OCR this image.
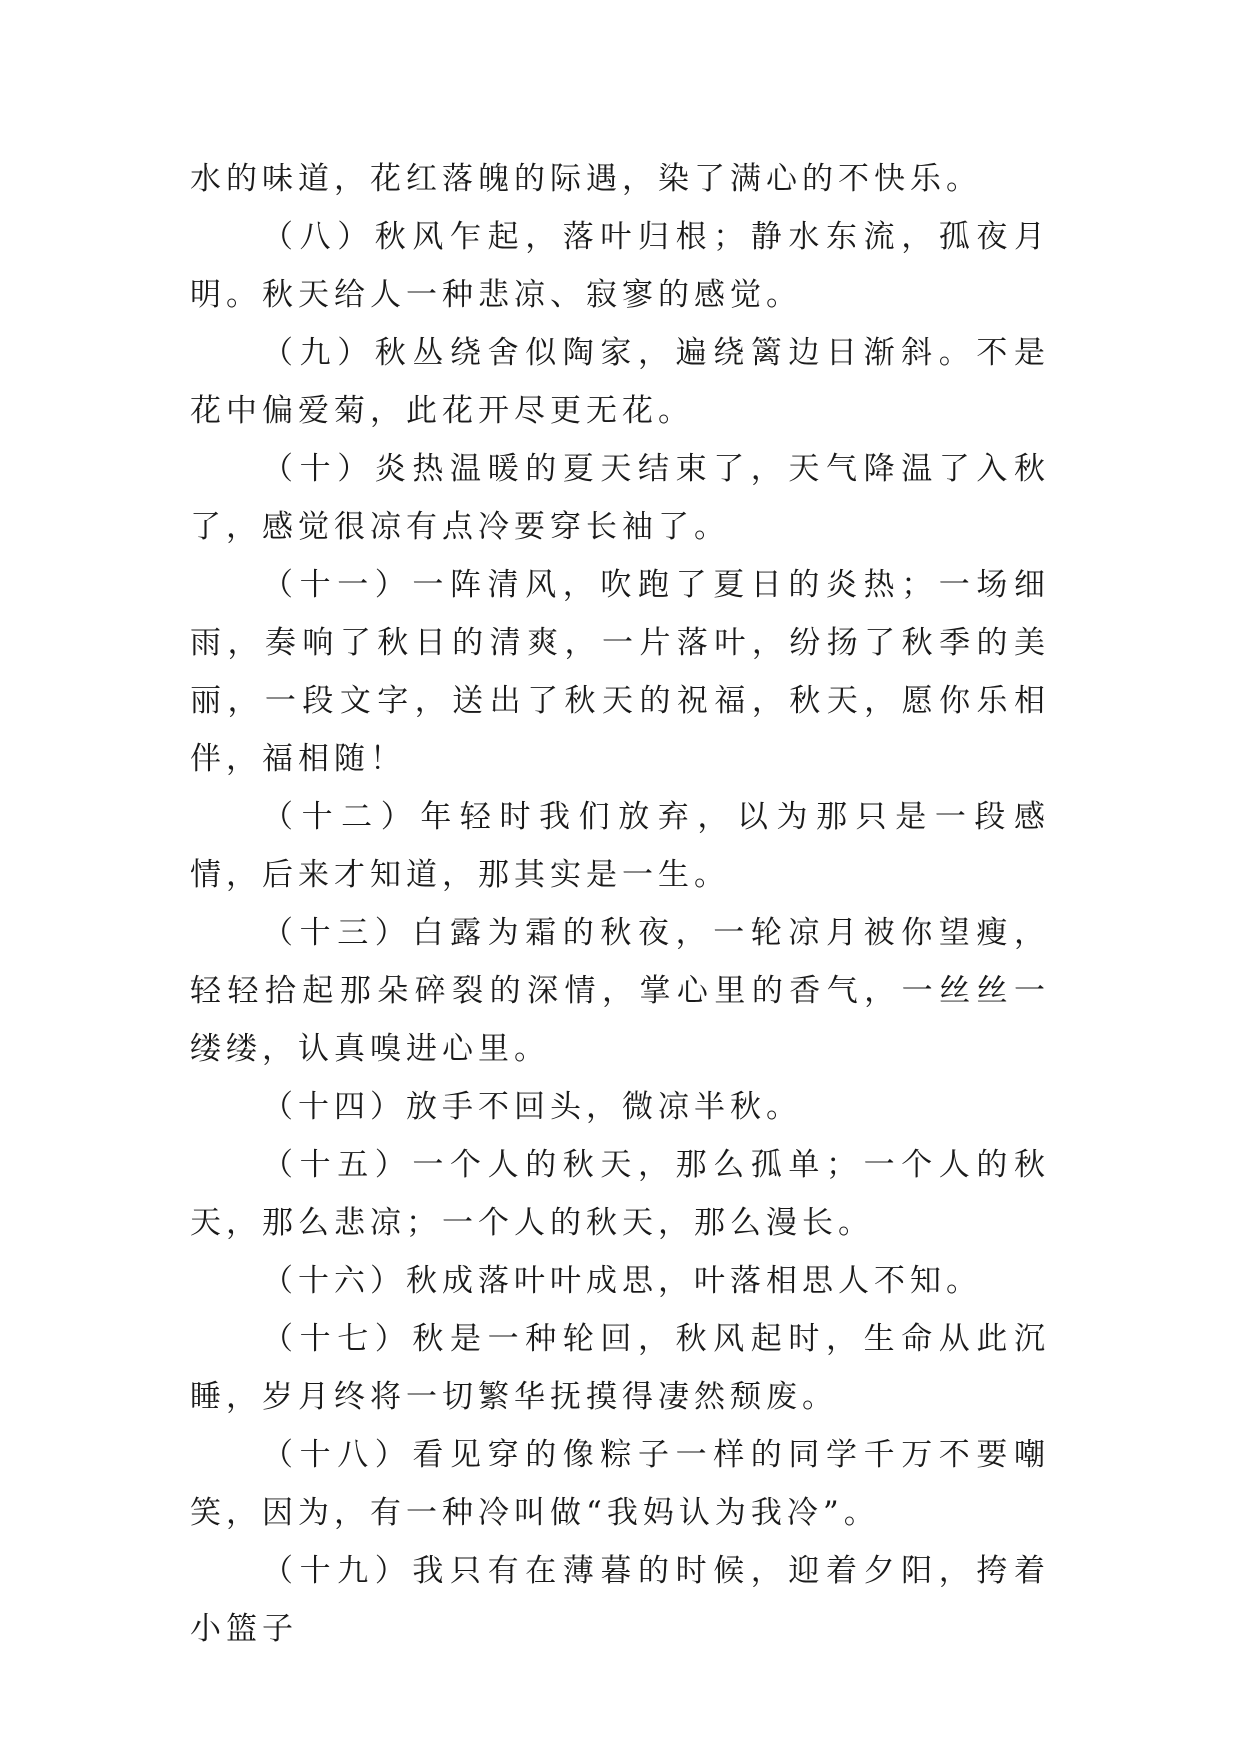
水的味道，花红落魄的际遇，染了满心的不快乐。

（八）秋风乍起，落叶归根；静水东流，孤夜月明。秋天给人一种悲凉、寂寥的感觉。

（九）秋丛绕舍似陶家，遍绕篱边日渐斜。不是花中偏爱菊，此花开尽更无花。

（十）炎热温暖的夏天结束了，天气降温了入秋了，感觉很凉有点冷要穿长袖了。

（十一）一阵清风，吹跑了夏日的炎热；一场细雨，奏响了秋日的清爽，一片落叶，纷扬了秋季的美丽，一段文字，送出了秋天的祝福，秋天，愿你乐相伴，福相随！

（十二）年轻时我们放弃，以为那只是一段感情，后来才知道，那其实是一生。

（十三）白露为霜的秋夜，一轮凉月被你望瘦，轻轻拾起那朵碎裂的深情，掌心里的香气，一丝丝一缕缕，认真嗅进心里。

（十四）放手不回头，微凉半秋。

（十五）一个人的秋天，那么孤单；一个人的秋天，那么悲凉；一个人的秋天，那么漫长。

（十六）秋成落叶叶成思，叶落相思人不知。

（十七）秋是一种轮回，秋风起时，生命从此沉睡，岁月终将一切繁华抚摸得凄然颓废。

（十八）看见穿的像粽子一样的同学千万不要嘲笑，因为，有一种冷叫做“我妈认为我冷”。

（十九）我只有在薄暮的时候，迎着夕阳，挎着小篮子
